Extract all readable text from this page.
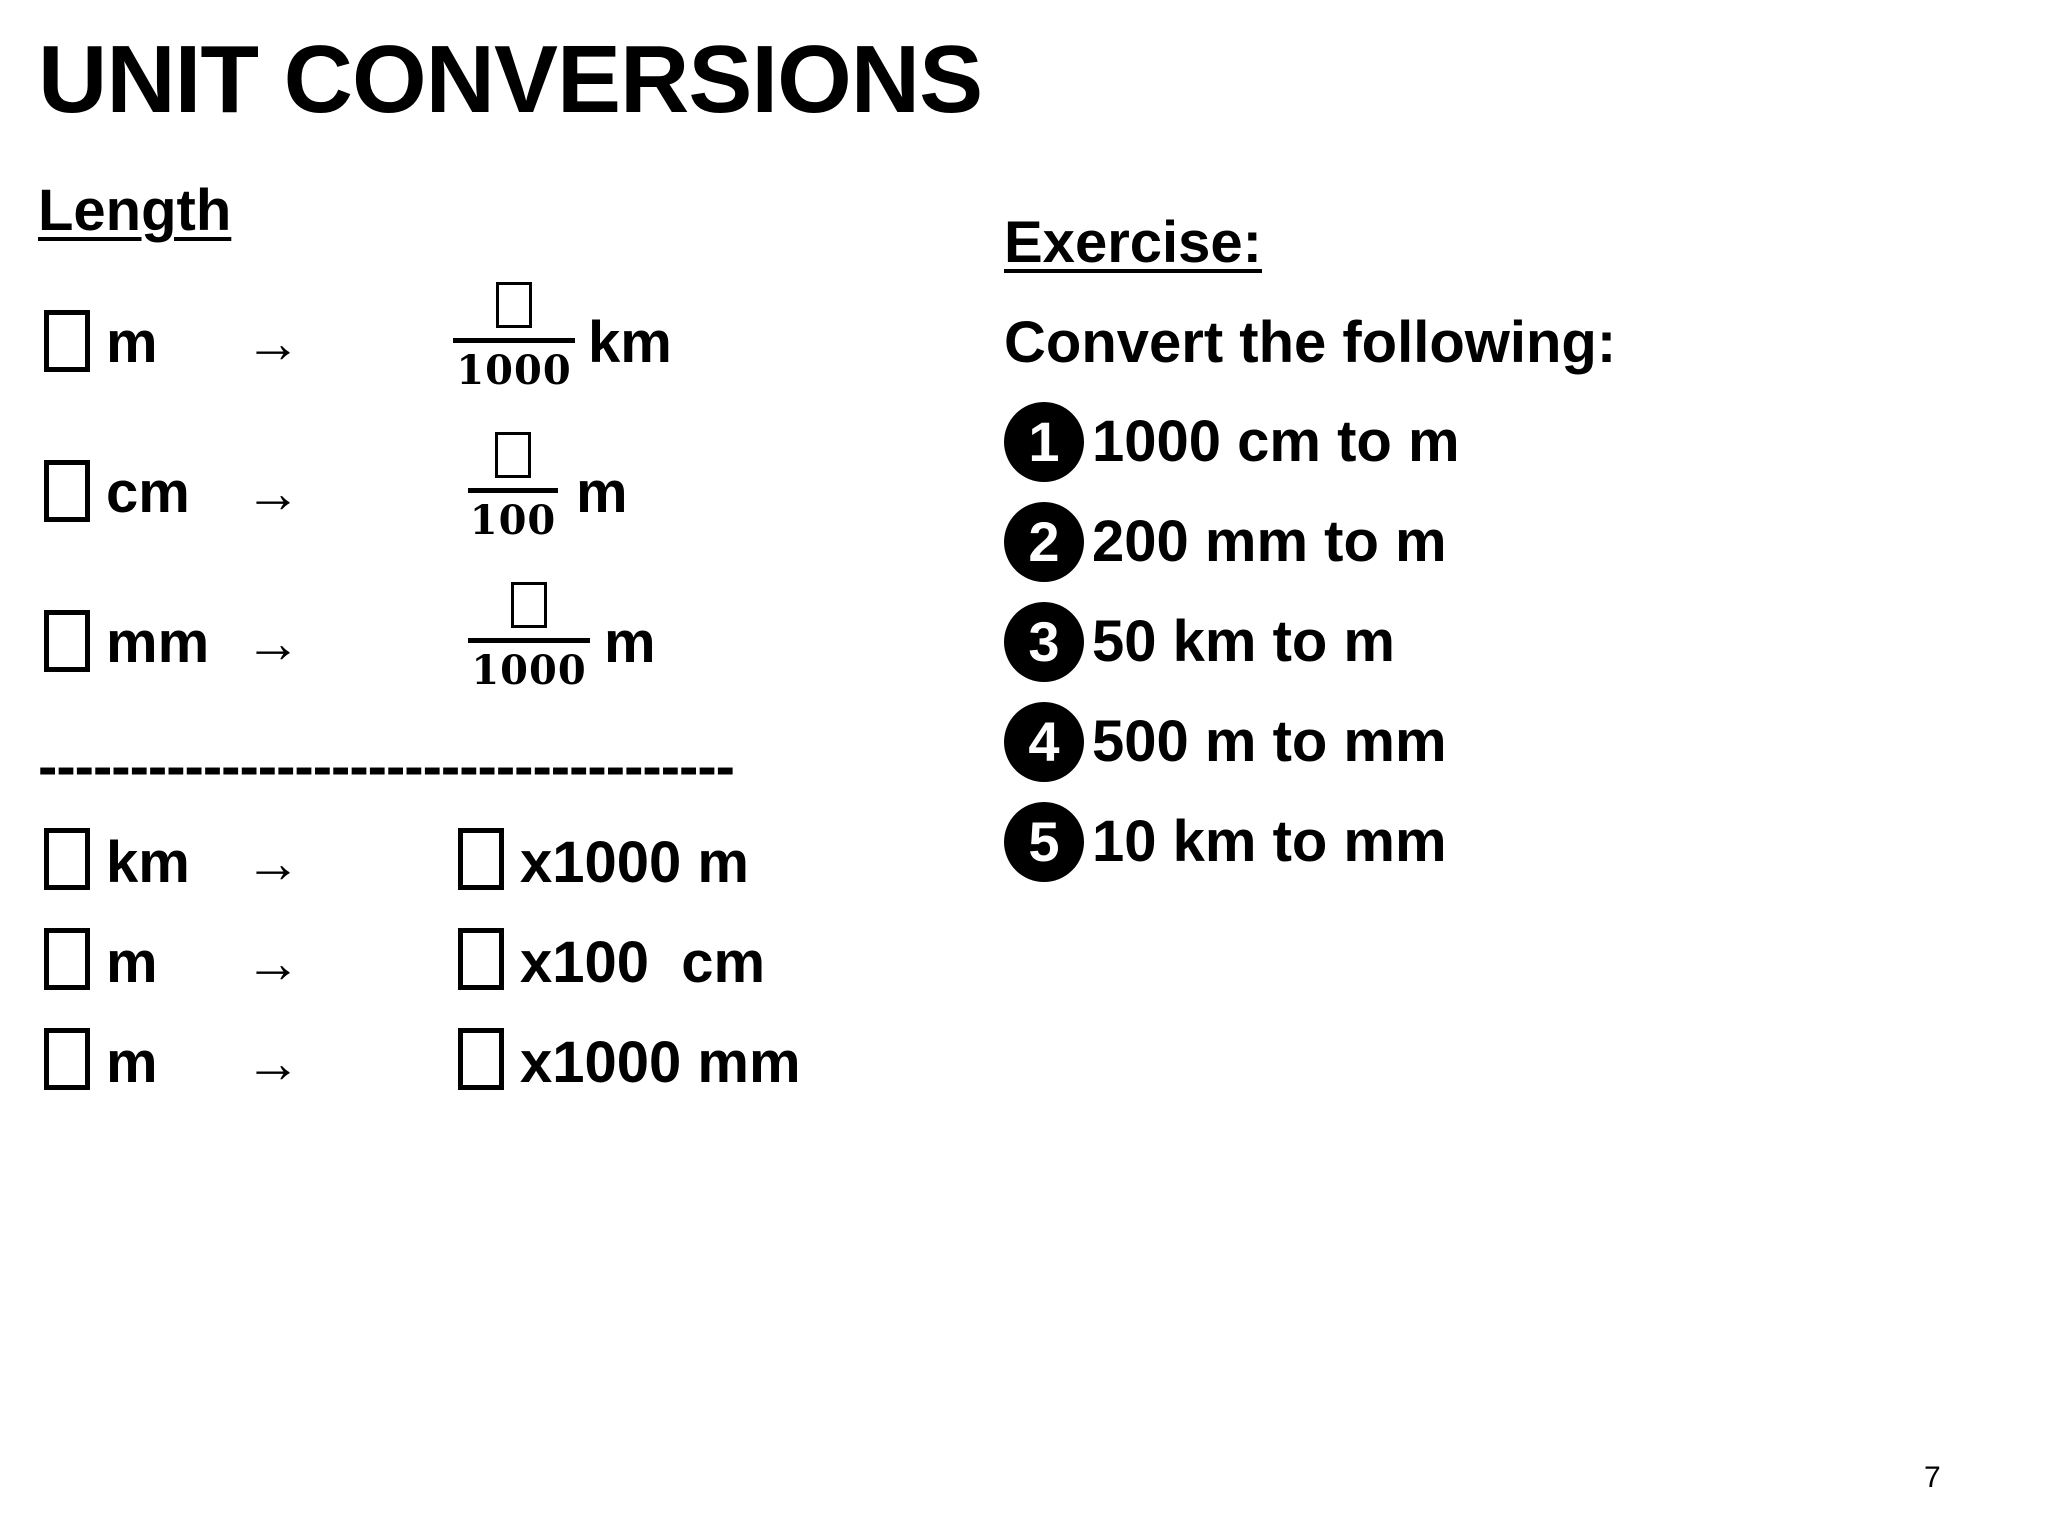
UNIT CONVERSIONS
Length
m →	1000 km
cm →	100 m
mm →	1000 m
--------------------------------------
km →	x1000 m
m →	x100  cm
m →	x1000 mm
Exercise:
Convert the following:
1 1000 cm to m
2 200 mm to m
3 50 km to m
4 500 m to mm
5 10 km to mm
7
